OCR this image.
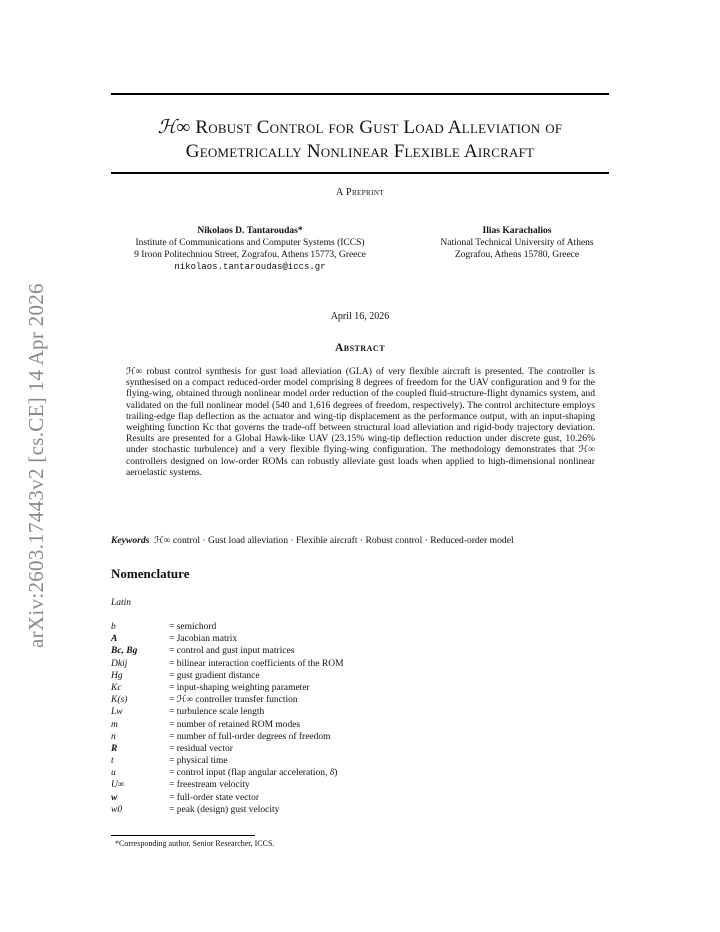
arXiv:2603.17443v2 [cs.CE] 14 Apr 2026
ℋ∞ Robust Control for Gust Load Alleviation of
Geometrically Nonlinear Flexible Aircraft
A Preprint
Nikolaos D. Tantaroudas*
Institute of Communications and Computer Systems (ICCS)
9 Iroon Politechniou Street, Zografou, Athens 15773, Greece
nikolaos.tantaroudas@iccs.gr
Ilias Karachalios
National Technical University of Athens
Zografou, Athens 15780, Greece
April 16, 2026
Abstract
ℋ∞ robust control synthesis for gust load alleviation (GLA) of very flexible aircraft is presented. The controller is synthesised on a compact reduced-order model comprising 8 degrees of freedom for the UAV configuration and 9 for the flying-wing, obtained through nonlinear model order reduction of the coupled fluid-structure-flight dynamics system, and validated on the full nonlinear model (540 and 1,616 degrees of freedom, respectively). The control architecture employs trailing-edge flap deflection as the actuator and wing-tip displacement as the performance output, with an input-shaping weighting function Kc that governs the trade-off between structural load alleviation and rigid-body trajectory deviation. Results are presented for a Global Hawk-like UAV (23.15% wing-tip deflection reduction under discrete gust, 10.26% under stochastic turbulence) and a very flexible flying-wing configuration. The methodology demonstrates that ℋ∞ controllers designed on low-order ROMs can robustly alleviate gust loads when applied to high-dimensional nonlinear aeroelastic systems.
Keywords ℋ∞ control · Gust load alleviation · Flexible aircraft · Robust control · Reduced-order model
Nomenclature
Latin
b	= semichord
A	= Jacobian matrix
Bc, Bg	= control and gust input matrices
Dkij	= bilinear interaction coefficients of the ROM
Hg	= gust gradient distance
Kc	= input-shaping weighting parameter
K(s)	= ℋ∞ controller transfer function
Lw	= turbulence scale length
m	= number of retained ROM modes
n	= number of full-order degrees of freedom
R	= residual vector
t	= physical time
u	= control input (flap angular acceleration, δ̈)
U∞	= freestream velocity
w	= full-order state vector
w0	= peak (design) gust velocity
*Corresponding author. Senior Researcher, ICCS.
